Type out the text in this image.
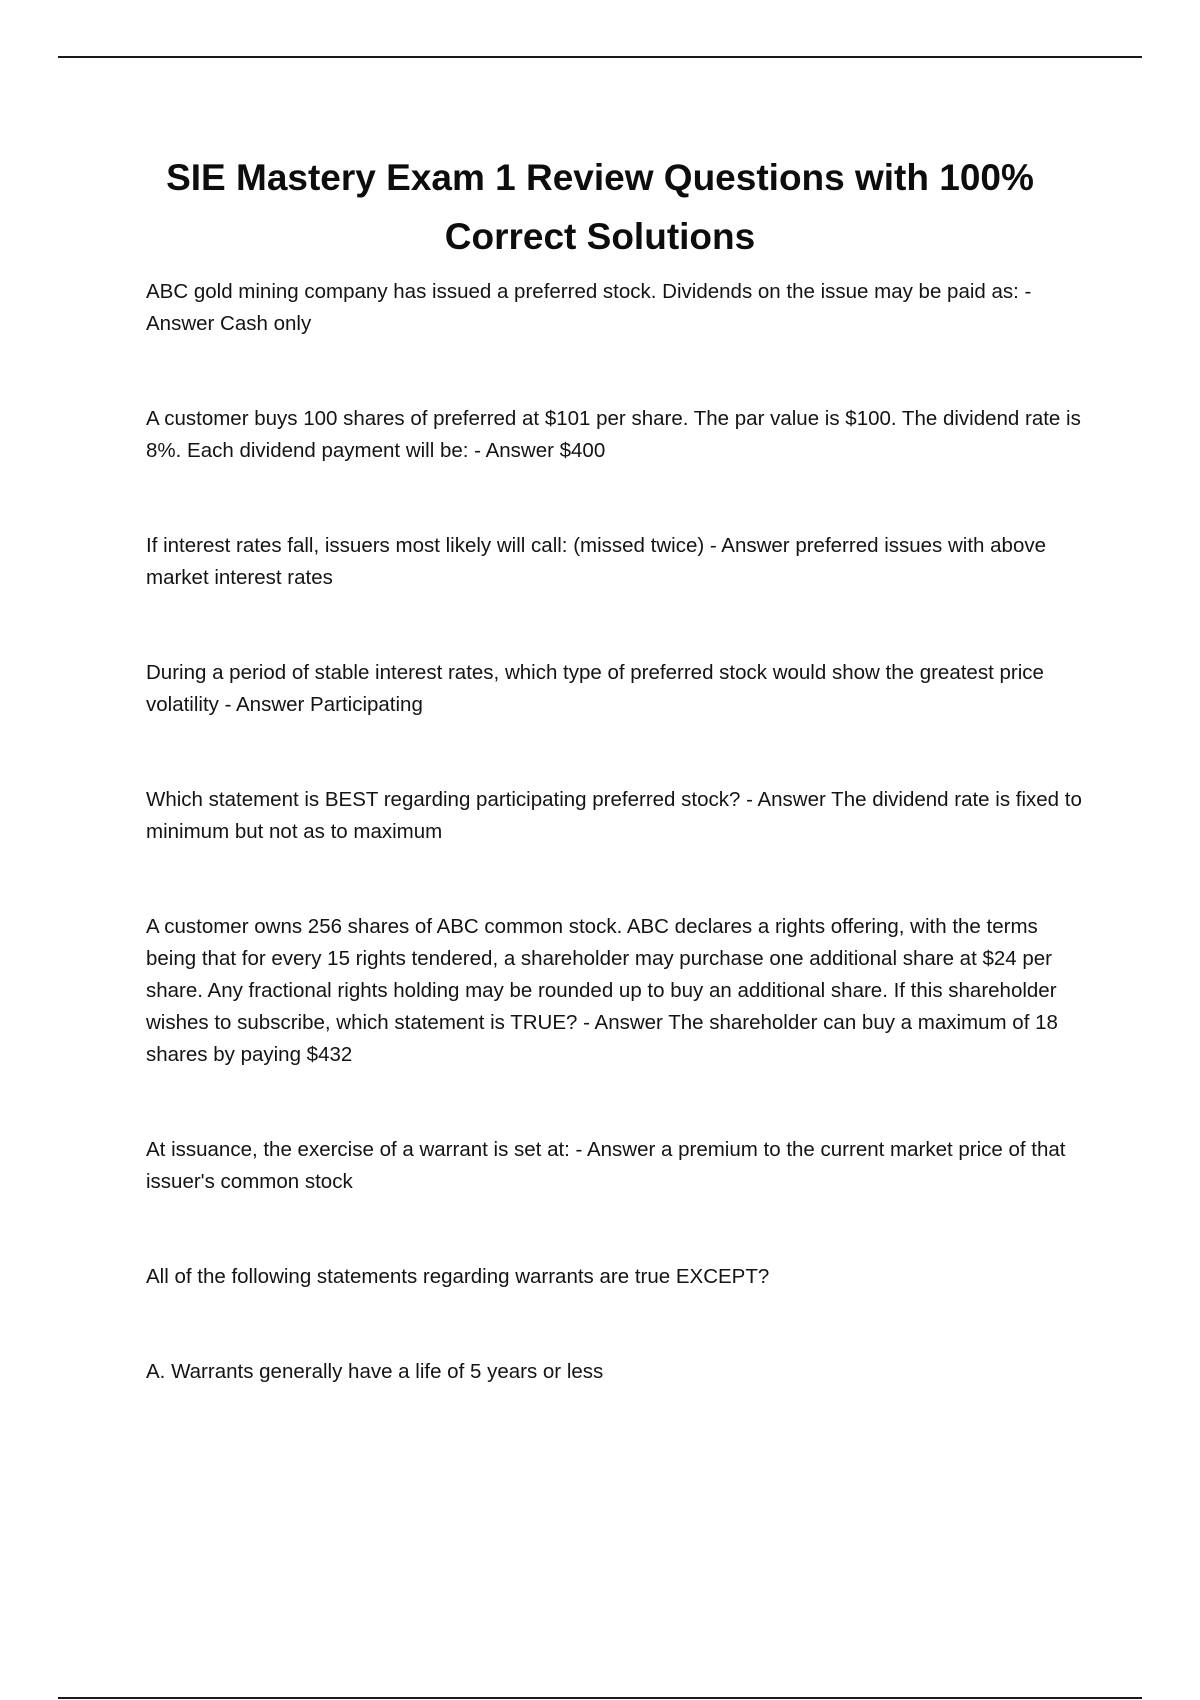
SIE Mastery Exam 1 Review Questions with 100% Correct Solutions
ABC gold mining company has issued a preferred stock. Dividends on the issue may be paid as: - Answer Cash only
A customer buys 100 shares of preferred at $101 per share. The par value is $100. The dividend rate is 8%. Each dividend payment will be: - Answer $400
If interest rates fall, issuers most likely will call: (missed twice) - Answer preferred issues with above market interest rates
During a period of stable interest rates, which type of preferred stock would show the greatest price volatility - Answer Participating
Which statement is BEST regarding participating preferred stock? - Answer The dividend rate is fixed to minimum but not as to maximum
A customer owns 256 shares of ABC common stock. ABC declares a rights offering, with the terms being that for every 15 rights tendered, a shareholder may purchase one additional share at $24 per share. Any fractional rights holding may be rounded up to buy an additional share. If this shareholder wishes to subscribe, which statement is TRUE? - Answer The shareholder can buy a maximum of 18 shares by paying $432
At issuance, the exercise of a warrant is set at: - Answer a premium to the current market price of that issuer's common stock
All of the following statements regarding warrants are true EXCEPT?
A. Warrants generally have a life of 5 years or less
